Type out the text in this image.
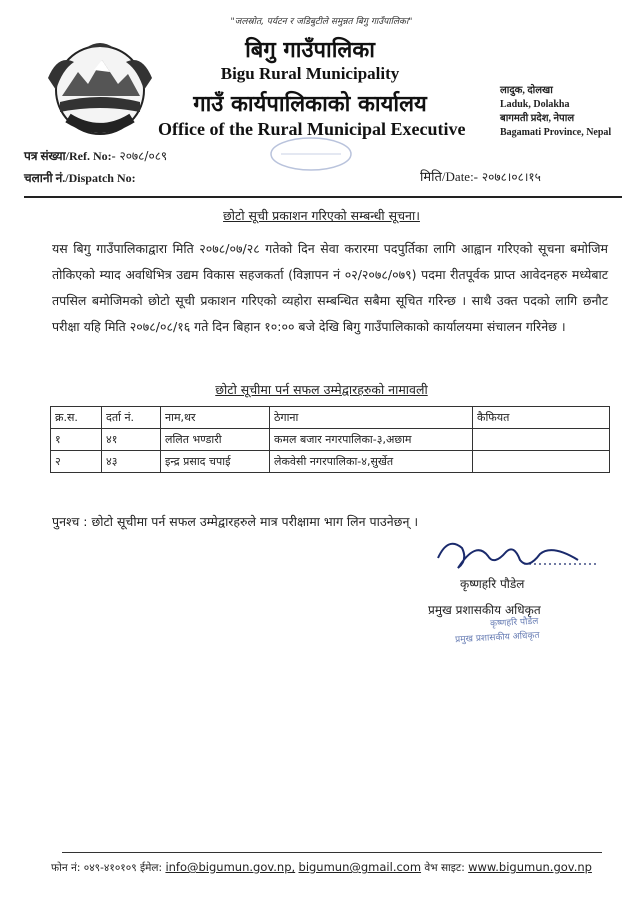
"जलस्रोत, पर्यटन र जडिबुटीले समुन्नत बिगु गाउँपालिका"
बिगु गाउँपालिका
Bigu Rural Municipality
गाउँ कार्यपालिकाको कार्यालय
Office of the Rural Municipal Executive
लादुक, दोलखा
Laduk, Dolakha
बागमती प्रदेश, नेपाल
Bagamati Province, Nepal
पत्र संख्या/Ref. No:- २०७८/०८९
चलानी नं./Dispatch No:	मिति/Date:- २०७८।०८।१५
छोटो सूची प्रकाशन गरिएको सम्बन्धी सूचना।
यस बिगु गाउँपालिकाद्वारा मिति २०७८/०७/२८ गतेको दिन सेवा करारमा पदपुर्तिका लागि आह्वान गरिएको सूचना बमोजिम तोकिएको म्याद अवधिभित्र उद्यम विकास सहजकर्ता (विज्ञापन नं ०२/२०७८/०७९) पदमा रीतपूर्वक प्राप्त आवेदनहरु मध्येबाट तपसिल बमोजिमको छोटो सूची प्रकाशन गरिएको व्यहोरा सम्बन्धित सबैमा सूचित गरिन्छ । साथै उक्त पदको लागि छनौट परीक्षा यहि मिति २०७८/०८/१६ गते दिन बिहान १०:०० बजे देखि बिगु गाउँपालिकाको कार्यालयमा संचालन गरिनेछ ।
छोटो सूचीमा पर्न सफल उम्मेद्वारहरुको नामावली
क्र.स.	दर्ता नं.	नाम,थर	ठेगाना	कैफियत
१	४१	ललित भण्डारी	कमल बजार नगरपालिका-३,अछाम	
२	४३	इन्द्र प्रसाद चपाई	लेकवेसी नगरपालिका-४,सुर्खेत	
पुनश्च : छोटो सूचीमा पर्न सफल उम्मेद्वारहरुले मात्र परीक्षामा भाग लिन पाउनेछन् ।
कृष्णहरि पौडेल
प्रमुख प्रशासकीय अधिकृत
कृष्णहरि पौडेल
प्रमुख प्रशासकीय अधिकृत
फोन नं: ०४९-४१०१०९ ईमेल: info@bigumun.gov.np, bigumun@gmail.com वेभ साइट: www.bigumun.gov.np
